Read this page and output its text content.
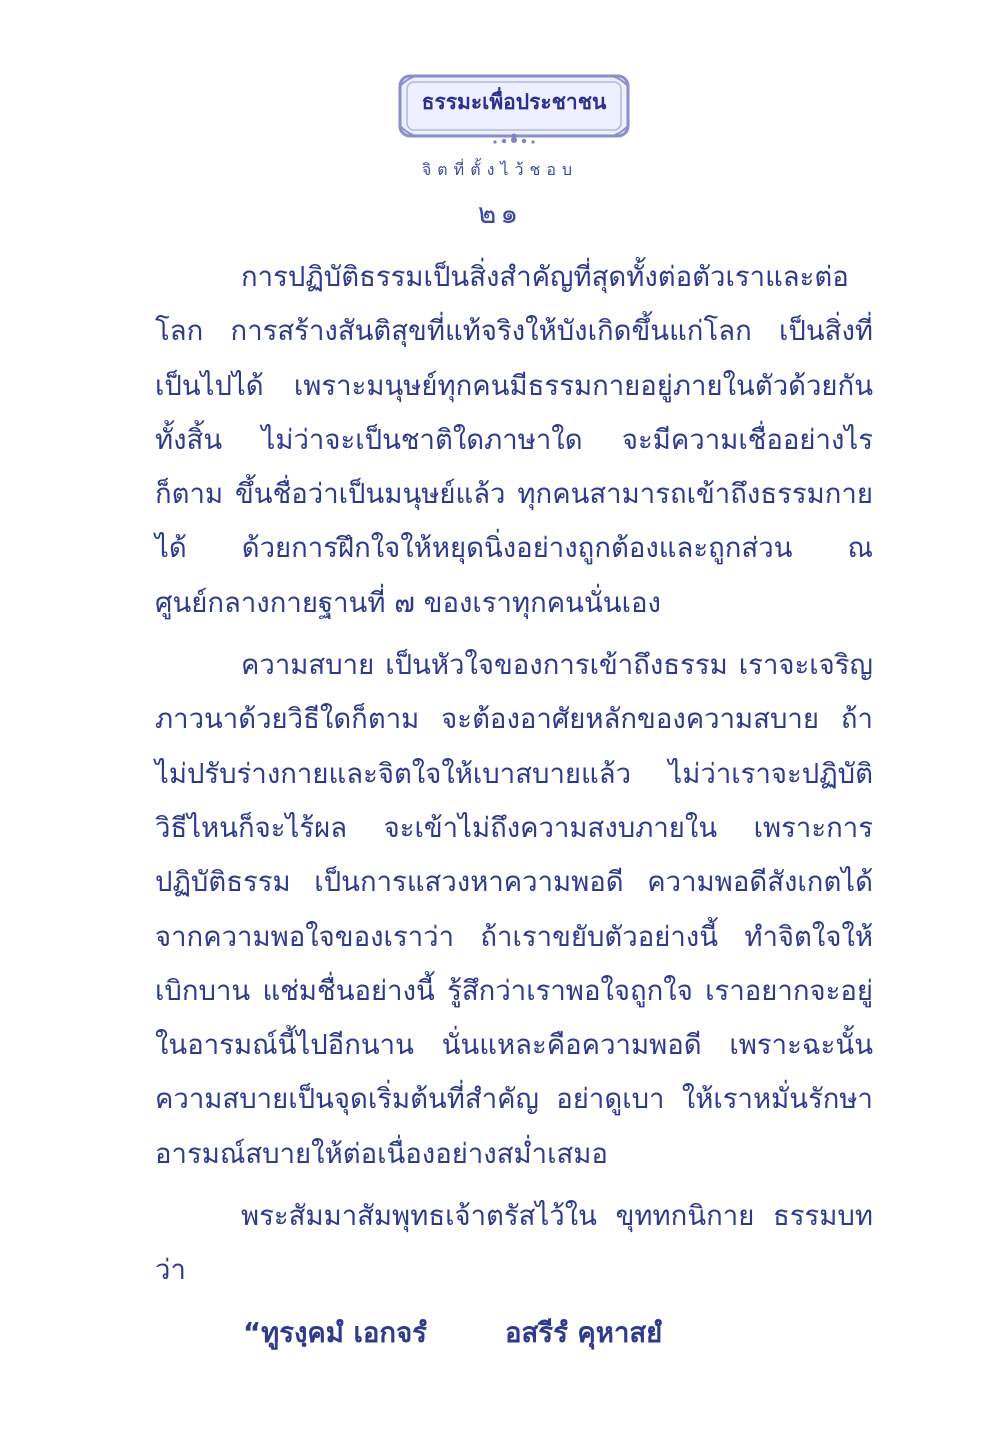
ธรรมะเพื่อประชาชน
จิตที่ตั้งไว้ชอบ
๒๑

การปฏิบัติธรรมเป็นสิ่งสำคัญที่สุดทั้งต่อตัวเราและต่อโลก การสร้างสันติสุขที่แท้จริงให้บังเกิดขึ้นแก่โลก เป็นสิ่งที่เป็นไปได้ เพราะมนุษย์ทุกคนมีธรรมกายอยู่ภายในตัวด้วยกันทั้งสิ้น ไม่ว่าจะเป็นชาติใดภาษาใด จะมีความเชื่ออย่างไรก็ตาม ขึ้นชื่อว่าเป็นมนุษย์แล้ว ทุกคนสามารถเข้าถึงธรรมกายได้ ด้วยการฝึกใจให้หยุดนิ่งอย่างถูกต้องและถูกส่วน ณ ศูนย์กลางกายฐานที่ ๗ ของเราทุกคนนั่นเอง

ความสบาย เป็นหัวใจของการเข้าถึงธรรม เราจะเจริญภาวนาด้วยวิธีใดก็ตาม จะต้องอาศัยหลักของความสบาย ถ้าไม่ปรับร่างกายและจิตใจให้เบาสบายแล้ว ไม่ว่าเราจะปฏิบัติวิธีไหนก็จะไร้ผล จะเข้าไม่ถึงความสงบภายใน เพราะการปฏิบัติธรรม เป็นการแสวงหาความพอดี ความพอดีสังเกตได้จากความพอใจของเราว่า ถ้าเราขยับตัวอย่างนี้ ทำจิตใจให้เบิกบาน แช่มชื่นอย่างนี้ รู้สึกว่าเราพอใจถูกใจ เราอยากจะอยู่ในอารมณ์นี้ไปอีกนาน นั่นแหละคือความพอดี เพราะฉะนั้นความสบายเป็นจุดเริ่มต้นที่สำคัญ อย่าดูเบา ให้เราหมั่นรักษาอารมณ์สบายให้ต่อเนื่องอย่างสม่ำเสมอ

พระสัมมาสัมพุทธเจ้าตรัสไว้ใน ขุททกนิกาย ธรรมบท ว่า

“ทูรงฺคมํ เอกจรํ	อสรีรํ คุหาสยํ
